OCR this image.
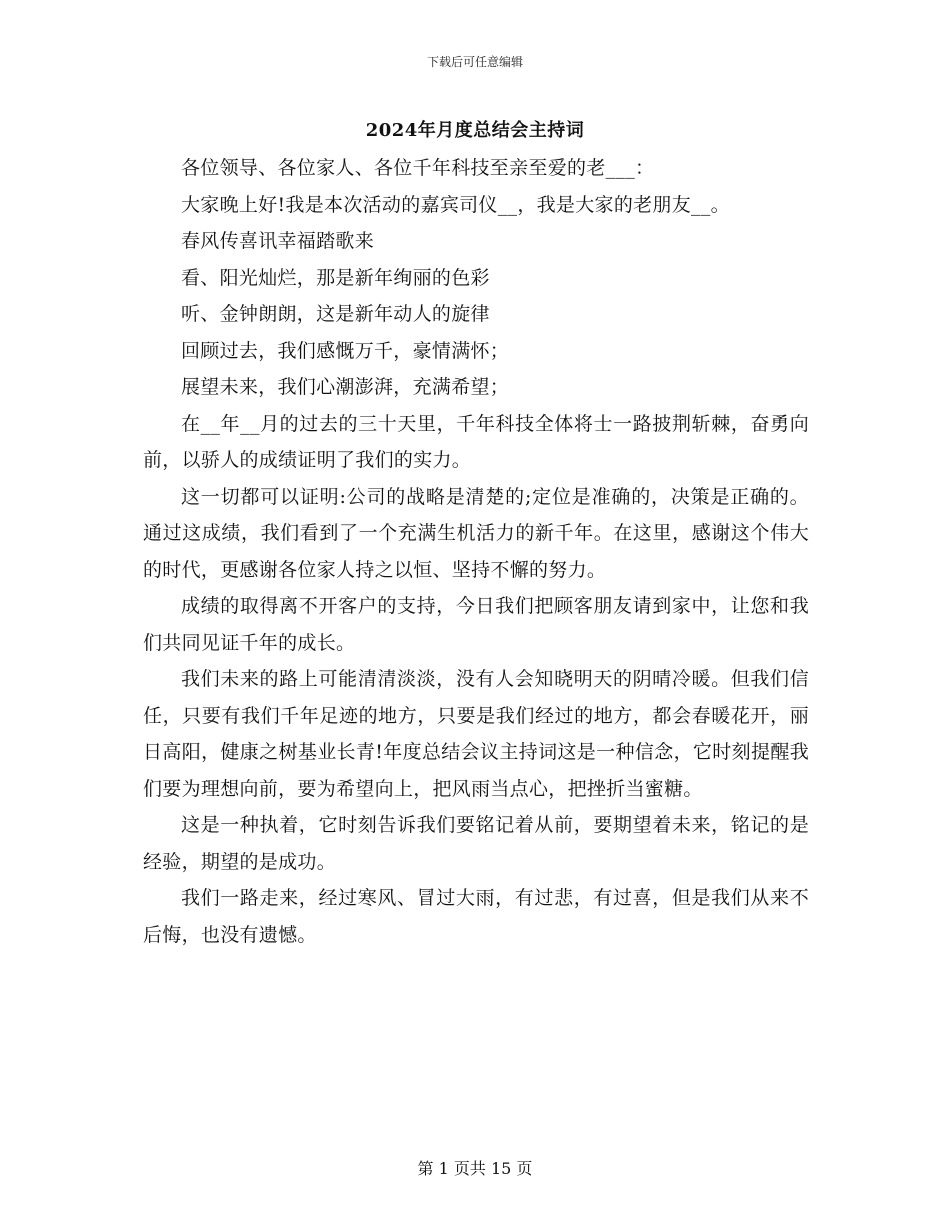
下载后可任意编辑
2024年月度总结会主持词

各位领导、各位家人、各位千年科技至亲至爱的老___：

大家晚上好!我是本次活动的嘉宾司仪__，我是大家的老朋友__。

春风传喜讯幸福踏歌来

看、阳光灿烂，那是新年绚丽的色彩

听、金钟朗朗，这是新年动人的旋律

回顾过去，我们感慨万千，豪情满怀；

展望未来，我们心潮澎湃，充满希望；

在__年__月的过去的三十天里，千年科技全体将士一路披荆斩棘，奋勇向前，以骄人的成绩证明了我们的实力。

这一切都可以证明:公司的战略是清楚的;定位是准确的，决策是正确的。通过这成绩，我们看到了一个充满生机活力的新千年。在这里，感谢这个伟大的时代，更感谢各位家人持之以恒、坚持不懈的努力。

成绩的取得离不开客户的支持，今日我们把顾客朋友请到家中，让您和我们共同见证千年的成长。

我们未来的路上可能清清淡淡，没有人会知晓明天的阴晴冷暖。但我们信任，只要有我们千年足迹的地方，只要是我们经过的地方，都会春暖花开，丽日高阳，健康之树基业长青!年度总结会议主持词这是一种信念，它时刻提醒我们要为理想向前，要为希望向上，把风雨当点心，把挫折当蜜糖。

这是一种执着，它时刻告诉我们要铭记着从前，要期望着未来，铭记的是经验，期望的是成功。

我们一路走来，经过寒风、冒过大雨，有过悲，有过喜，但是我们从来不后悔，也没有遗憾。

第 1 页共 15 页
